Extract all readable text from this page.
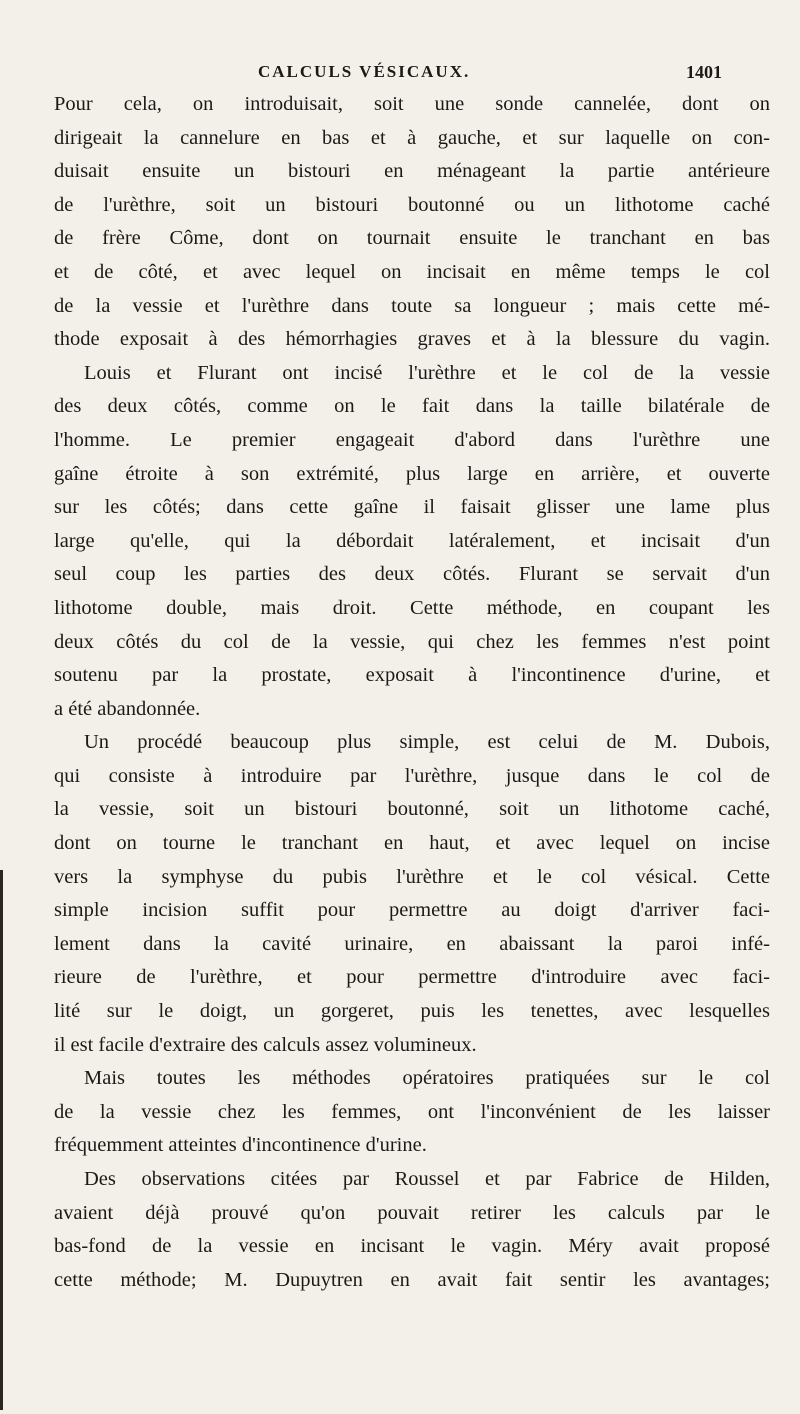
CALCULS VÉSICAUX.	1401
Pour cela, on introduisait, soit une sonde cannelée, dont on
dirigeait la cannelure en bas et à gauche, et sur laquelle on con-
duisait ensuite un bistouri en ménageant la partie antérieure
de l'urèthre, soit un bistouri boutonné ou un lithotome caché
de frère Côme, dont on tournait ensuite le tranchant en bas
et de côté, et avec lequel on incisait en même temps le col
de la vessie et l'urèthre dans toute sa longueur ; mais cette mé-
thode exposait à des hémorrhagies graves et à la blessure du vagin.
Louis et Flurant ont incisé l'urèthre et le col de la vessie
des deux côtés, comme on le fait dans la taille bilatérale de
l'homme. Le premier engageait d'abord dans l'urèthre une
gaîne étroite à son extrémité, plus large en arrière, et ouverte
sur les côtés; dans cette gaîne il faisait glisser une lame plus
large qu'elle, qui la débordait latéralement, et incisait d'un
seul coup les parties des deux côtés. Flurant se servait d'un
lithotome double, mais droit. Cette méthode, en coupant les
deux côtés du col de la vessie, qui chez les femmes n'est point
soutenu par la prostate, exposait à l'incontinence d'urine, et
a été abandonnée.
Un procédé beaucoup plus simple, est celui de M. Dubois,
qui consiste à introduire par l'urèthre, jusque dans le col de
la vessie, soit un bistouri boutonné, soit un lithotome caché,
dont on tourne le tranchant en haut, et avec lequel on incise
vers la symphyse du pubis l'urèthre et le col vésical. Cette
simple incision suffit pour permettre au doigt d'arriver faci-
lement dans la cavité urinaire, en abaissant la paroi infé-
rieure de l'urèthre, et pour permettre d'introduire avec faci-
lité sur le doigt, un gorgeret, puis les tenettes, avec lesquelles
il est facile d'extraire des calculs assez volumineux.
Mais toutes les méthodes opératoires pratiquées sur le col
de la vessie chez les femmes, ont l'inconvénient de les laisser
fréquemment atteintes d'incontinence d'urine.
Des observations citées par Roussel et par Fabrice de Hilden,
avaient déjà prouvé qu'on pouvait retirer les calculs par le
bas-fond de la vessie en incisant le vagin. Méry avait proposé
cette méthode; M. Dupuytren en avait fait sentir les avantages;
